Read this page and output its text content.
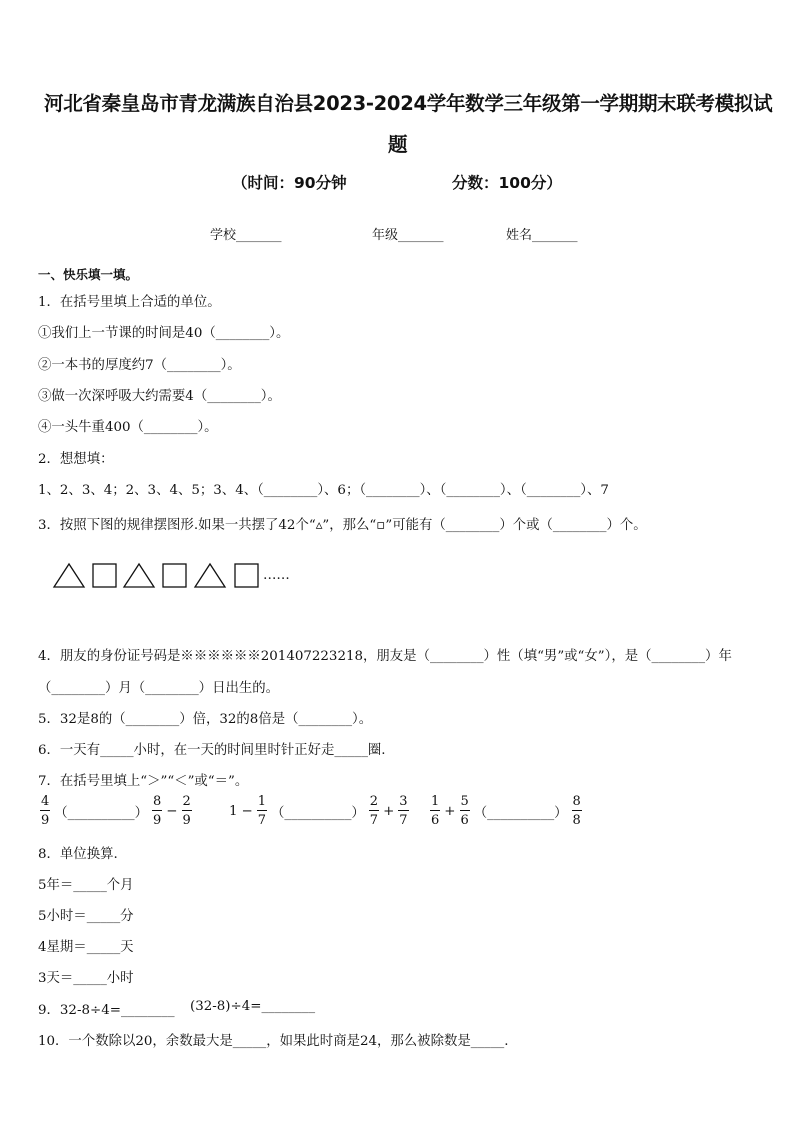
河北省秦皇岛市青龙满族自治县2023-2024学年数学三年级第一学期期末联考模拟试
题
（时间：90分钟	分数：100分）
学校_______	年级_______	姓名_______
一、快乐填一填。
1．在括号里填上合适的单位。
①我们上一节课的时间是40（________）。
②一本书的厚度约7（________）。
③做一次深呼吸大约需要4（________）。
④一头牛重400（________）。
2．想想填：
1、2、3、4；2、3、4、5；3、4、（________）、6；（________）、（________）、（________）、7
3．按照下图的规律摆图形.如果一共摆了42个“▵”，那么“▫”可能有（________）个或（________）个。
……
4．朋友的身份证号码是※※※※※※201407223218，朋友是（________）性（填“男”或“女”），是（________）年
（________）月（________）日出生的。
5．32是8的（________）倍，32的8倍是（________）。
6．一天有_____小时，在一天的时间里时针正好走_____圈.
7．在括号里填上“＞”“＜”或“＝”。
$\frac{4}{9}$ （__________） $\frac{8}{9} - \frac{2}{9}$	$1 - \frac{1}{7}$ （__________） $\frac{2}{7} + \frac{3}{7} \frac{1}{6} + \frac{5}{6}$ （__________） $\frac{8}{8}$
8．单位换算.
5年＝_____个月
5小时＝_____分
4星期＝_____天
3天＝_____小时
9．32-8÷4=________ (32-8)÷4=________
10．一个数除以20，余数最大是_____，如果此时商是24，那么被除数是_____.
